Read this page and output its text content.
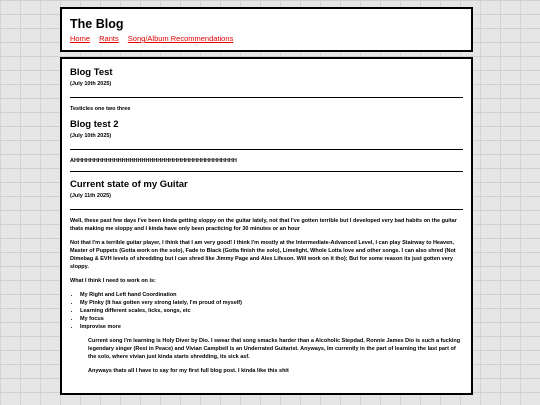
The Blog
Home Rants Song/Album Recommendations
Blog Test
(July 10th 2025)

Testicles one two three

Blog test 2
(July 10th 2025)

AHHHHHHHHHHHHHHHHHHHHHHHHHHHHHHHHHHHHHHHHH

Current state of my Guitar
(July 11th 2025)

Well, these past few days I've been kinda getting sloppy on the guitar lately, not that I've gotten terrible but I developed very bad habits on the guitar thats making me sloppy and I kinda have only been practicing for 30 minutes or an hour

Not that I'm a terrible guitar player, I think that I am very good! I think I'm mostly at the Intermediate-Advanced Level, I can play Stairway to Heaven, Master of Puppets (Gotta work on the solo), Fade to Black (Gotta finish the solo), Limelight, Whole Lotta love and other songs. I can also shred (Not Dimebag & EVH levels of shredding but I can shred like Jimmy Page and Alex Lifeson. Will work on it tho); But for some reason its just gotten very sloppy.

What I think I need to work on is:

• My Right and Left hand Coordination
• My Pinky (It has gotten very strong lately, I'm proud of myself)
• Learning different scales, licks, songs, etc
• My focus
• Improvise more

Current song I'm learning is Holy Diver by Dio. I swear that song smacks harder than a Alcoholic Stepdad, Ronnie James Dio is such a fucking legendary singer (Rest in Peace) and Vivian Campbell is an Underrated Guitarist. Anyways, Im currently in the part of learning the last part of the solo, where vivian just kinda starts shredding, its sick asf.

Anyways thats all I have to say for my first full blog post. I kinda like this shit
